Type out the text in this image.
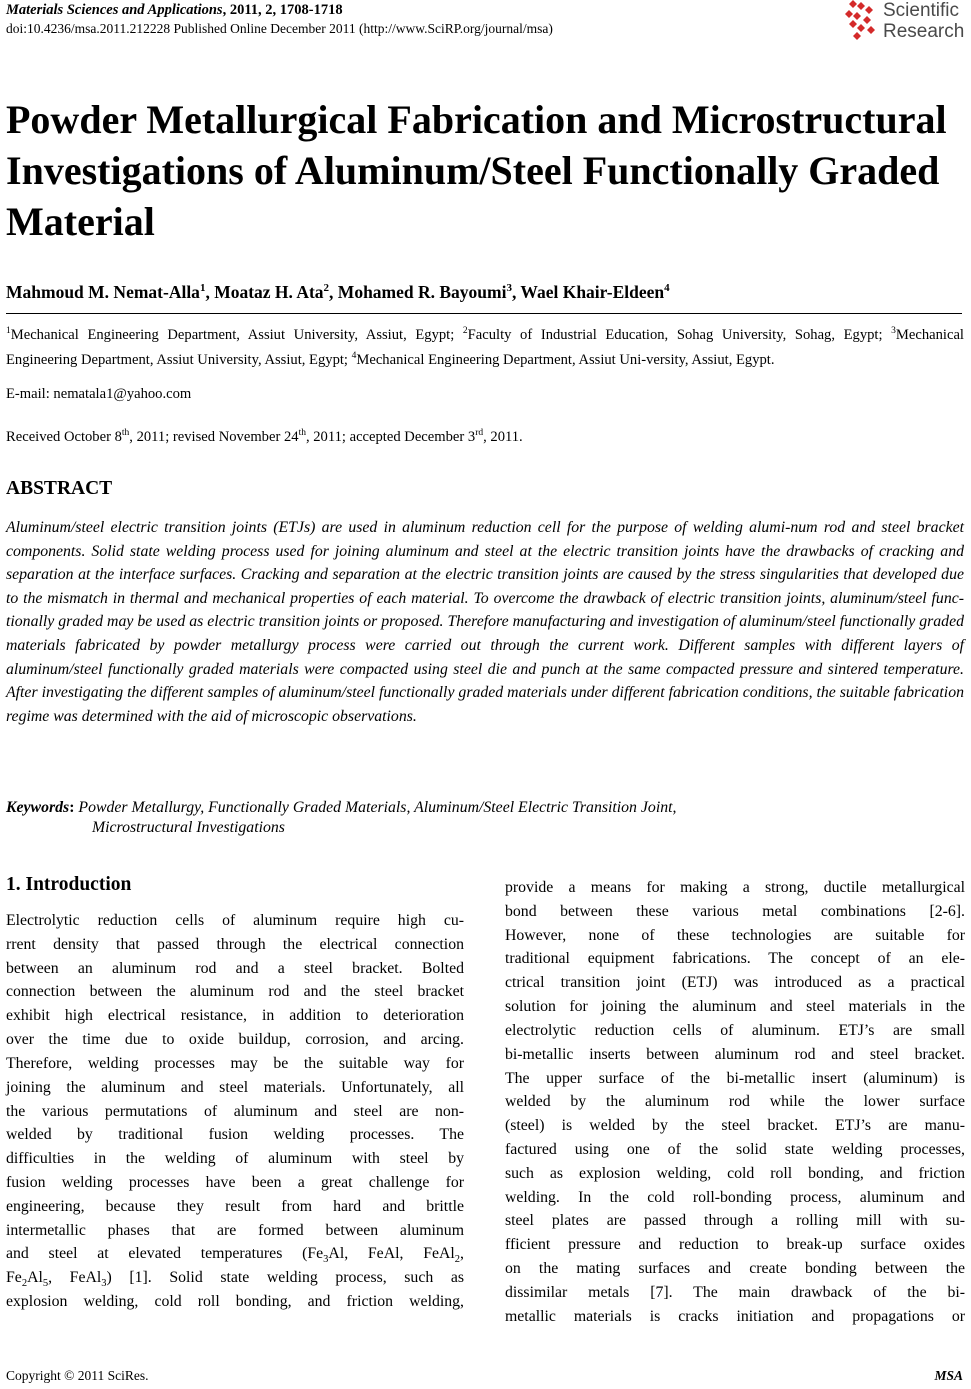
Materials Sciences and Applications, 2011, 2, 1708-1718
doi:10.4236/msa.2011.212228 Published Online December 2011 (http://www.SciRP.org/journal/msa)
Scientific
Research
Powder Metallurgical Fabrication and Microstructural Investigations of Aluminum/Steel Functionally Graded Material
Mahmoud M. Nemat-Alla$^1$, Moataz H. Ata$^2$, Mohamed R. Bayoumi$^3$, Wael Khair-Eldeen$^4$
$^1$Mechanical Engineering Department, Assiut University, Assiut, Egypt; $^2$Faculty of Industrial Education, Sohag University, Sohag, Egypt; $^3$Mechanical Engineering Department, Assiut University, Assiut, Egypt; $^4$Mechanical Engineering Department, Assiut Uni-versity, Assiut, Egypt.
E-mail: nematala1@yahoo.com
Received October 8th, 2011; revised November 24th, 2011; accepted December 3rd, 2011.
ABSTRACT
Aluminum/steel electric transition joints (ETJs) are used in aluminum reduction cell for the purpose of welding alumi-num rod and steel bracket components. Solid state welding process used for joining aluminum and steel at the electric transition joints have the drawbacks of cracking and separation at the interface surfaces. Cracking and separation at the electric transition joints are caused by the stress singularities that developed due to the mismatch in thermal and mechanical properties of each material. To overcome the drawback of electric transition joints, aluminum/steel func-tionally graded may be used as electric transition joints or proposed. Therefore manufacturing and investigation of aluminum/steel functionally graded materials fabricated by powder metallurgy process were carried out through the current work. Different samples with different layers of aluminum/steel functionally graded materials were compacted using steel die and punch at the same compacted pressure and sintered temperature. After investigating the different samples of aluminum/steel functionally graded materials under different fabrication conditions, the suitable fabrication regime was determined with the aid of microscopic observations.
Keywords: Powder Metallurgy, Functionally Graded Materials, Aluminum/Steel Electric Transition Joint,
Microstructural Investigations
1. Introduction
Electrolytic reduction cells of aluminum require high cu-
rrent density that passed through the electrical connection
between an aluminum rod and a steel bracket. Bolted
connection between the aluminum rod and the steel bracket
exhibit high electrical resistance, in addition to deterioration
over the time due to oxide buildup, corrosion, and arcing.
Therefore, welding processes may be the suitable way for
joining the aluminum and steel materials. Unfortunately, all
the various permutations of aluminum and steel are non-
welded by traditional fusion welding processes. The
difficulties in the welding of aluminum with steel by
fusion welding processes have been a great challenge for
engineering, because they result from hard and brittle
intermetallic phases that are formed between aluminum
and steel at elevated temperatures ($Fe_3Al$, FeAl, FeAl$_2$,
$Fe_2Al_5$, FeAl$_3$) [1]. Solid state welding process, such as
explosion welding, cold roll bonding, and friction welding,
provide a means for making a strong, ductile metallurgical
bond between these various metal combinations [2-6].
However, none of these technologies are suitable for
traditional equipment fabrications. The concept of an ele-
ctrical transition joint (ETJ) was introduced as a practical
solution for joining the aluminum and steel materials in the
electrolytic reduction cells of aluminum. ETJ’s are small
bi-metallic inserts between aluminum rod and steel bracket.
The upper surface of the bi-metallic insert (aluminum) is
welded by the aluminum rod while the lower surface
(steel) is welded by the steel bracket. ETJ’s are manu-
factured using one of the solid state welding processes,
such as explosion welding, cold roll bonding, and friction
welding. In the cold roll-bonding process, aluminum and
steel plates are passed through a rolling mill with su-
fficient pressure and reduction to break-up surface oxides
on the mating surfaces and create bonding between the
dissimilar metals [7]. The main drawback of the bi-
metallic materials is cracks initiation and propagations or
Copyright © 2011 SciRes.	MSA
